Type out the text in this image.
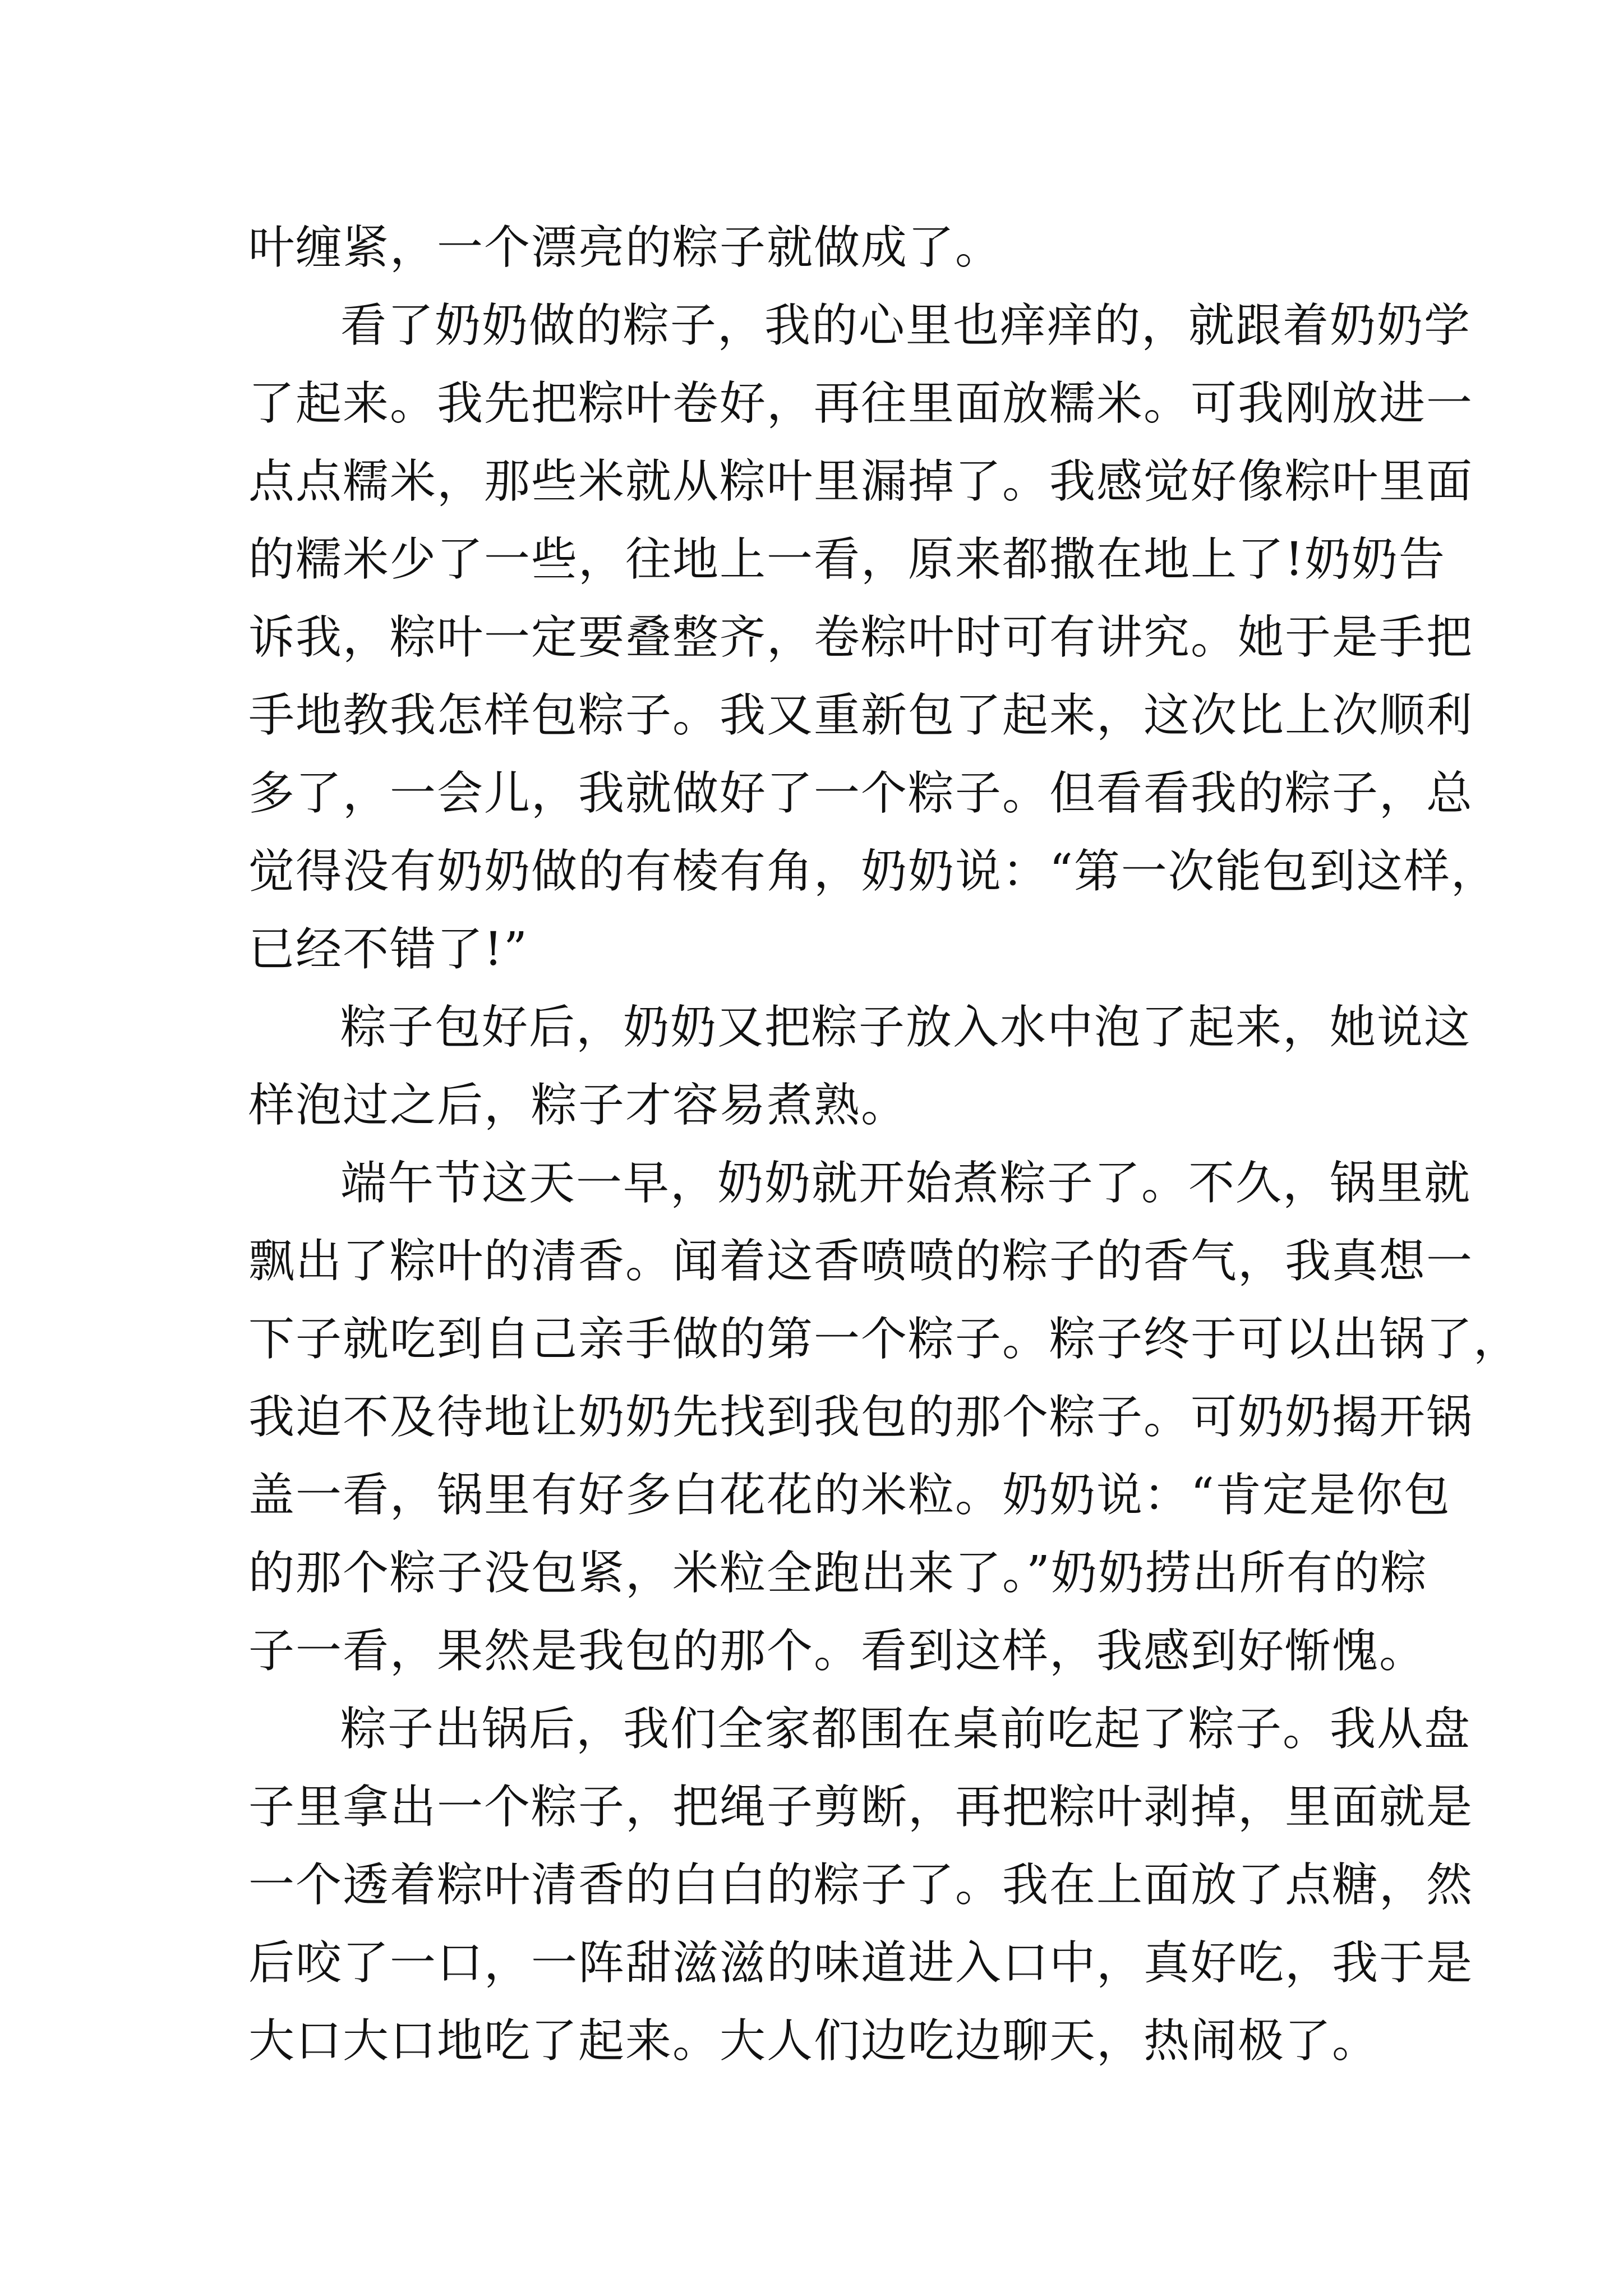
叶缠紧，一个漂亮的粽子就做成了。
看了奶奶做的粽子，我的心里也痒痒的，就跟着奶奶学
了起来。我先把粽叶卷好，再往里面放糯米。可我刚放进一
点点糯米，那些米就从粽叶里漏掉了。我感觉好像粽叶里面
的糯米少了一些，往地上一看，原来都撒在地上了!奶奶告
诉我，粽叶一定要叠整齐，卷粽叶时可有讲究。她于是手把
手地教我怎样包粽子。我又重新包了起来，这次比上次顺利
多了，一会儿，我就做好了一个粽子。但看看我的粽子，总
觉得没有奶奶做的有棱有角，奶奶说：“第一次能包到这样，
已经不错了!”
粽子包好后，奶奶又把粽子放入水中泡了起来，她说这
样泡过之后，粽子才容易煮熟。
端午节这天一早，奶奶就开始煮粽子了。不久，锅里就
飘出了粽叶的清香。闻着这香喷喷的粽子的香气，我真想一
下子就吃到自己亲手做的第一个粽子。粽子终于可以出锅了，
我迫不及待地让奶奶先找到我包的那个粽子。可奶奶揭开锅
盖一看，锅里有好多白花花的米粒。奶奶说：“肯定是你包
的那个粽子没包紧，米粒全跑出来了。”奶奶捞出所有的粽
子一看，果然是我包的那个。看到这样，我感到好惭愧。
粽子出锅后，我们全家都围在桌前吃起了粽子。我从盘
子里拿出一个粽子，把绳子剪断，再把粽叶剥掉，里面就是
一个透着粽叶清香的白白的粽子了。我在上面放了点糖，然
后咬了一口，一阵甜滋滋的味道进入口中，真好吃，我于是
大口大口地吃了起来。大人们边吃边聊天，热闹极了。
